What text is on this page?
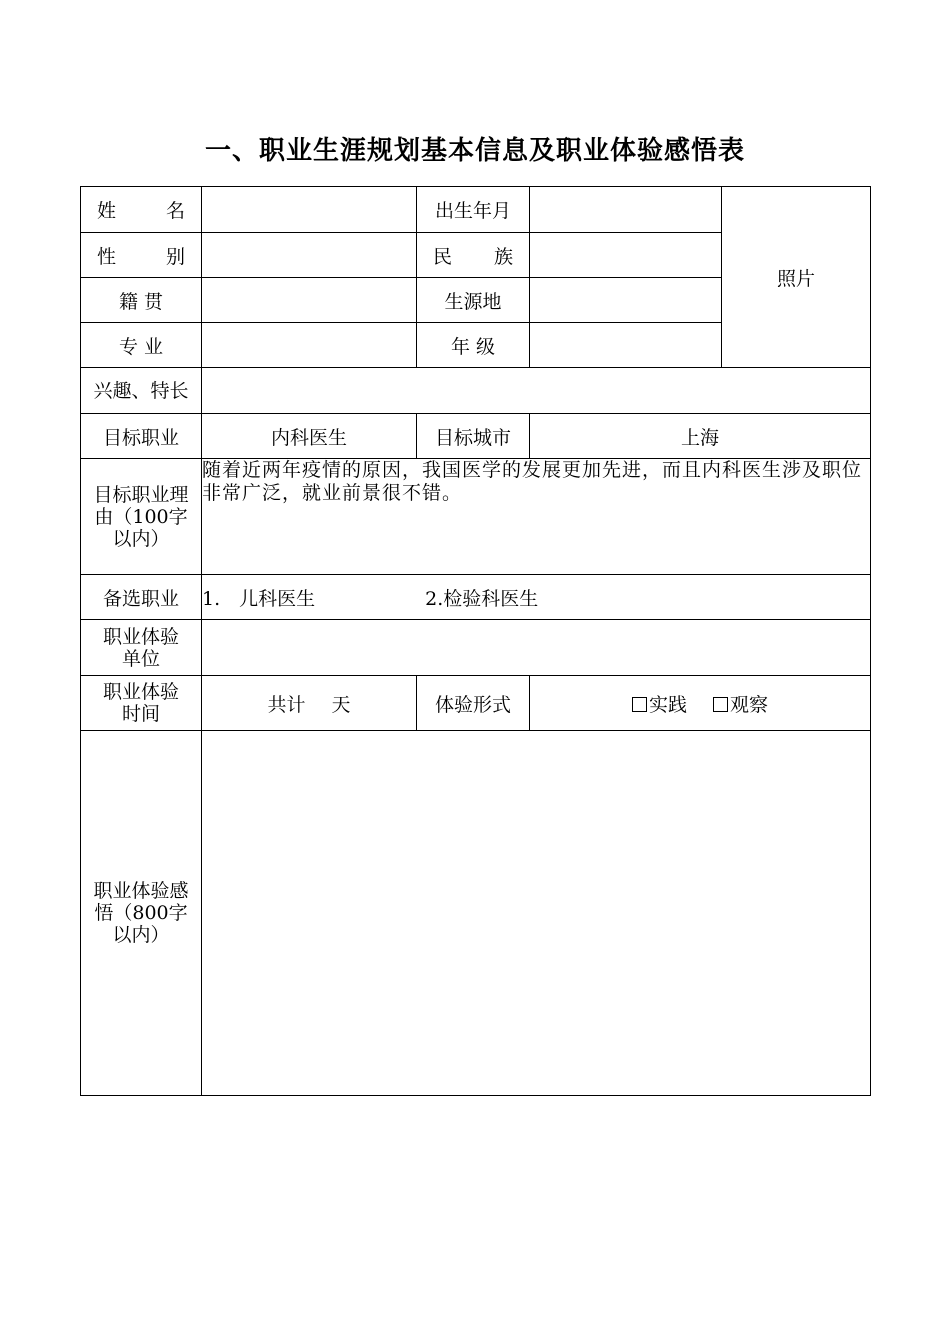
一、职业生涯规划基本信息及职业体验感悟表
姓 名		出生年月		照片

性 别		民 族		

籍 贯		生源地		
专 业		年 级		
兴趣、特长				
目标职业	内科医生	目标城市	上海	
目标职业理由（100字以内）	随着近两年疫情的原因，我国医学的发展更加先进，而且内科医生涉及职位非常广泛，就业前景很不错。			
备选职业	1.　儿科医生 2.检验科医生			
职业体验单位				
职业体验时间	共计 天	体验形式	实践 观察	
职业体验感悟（800字以内）				
